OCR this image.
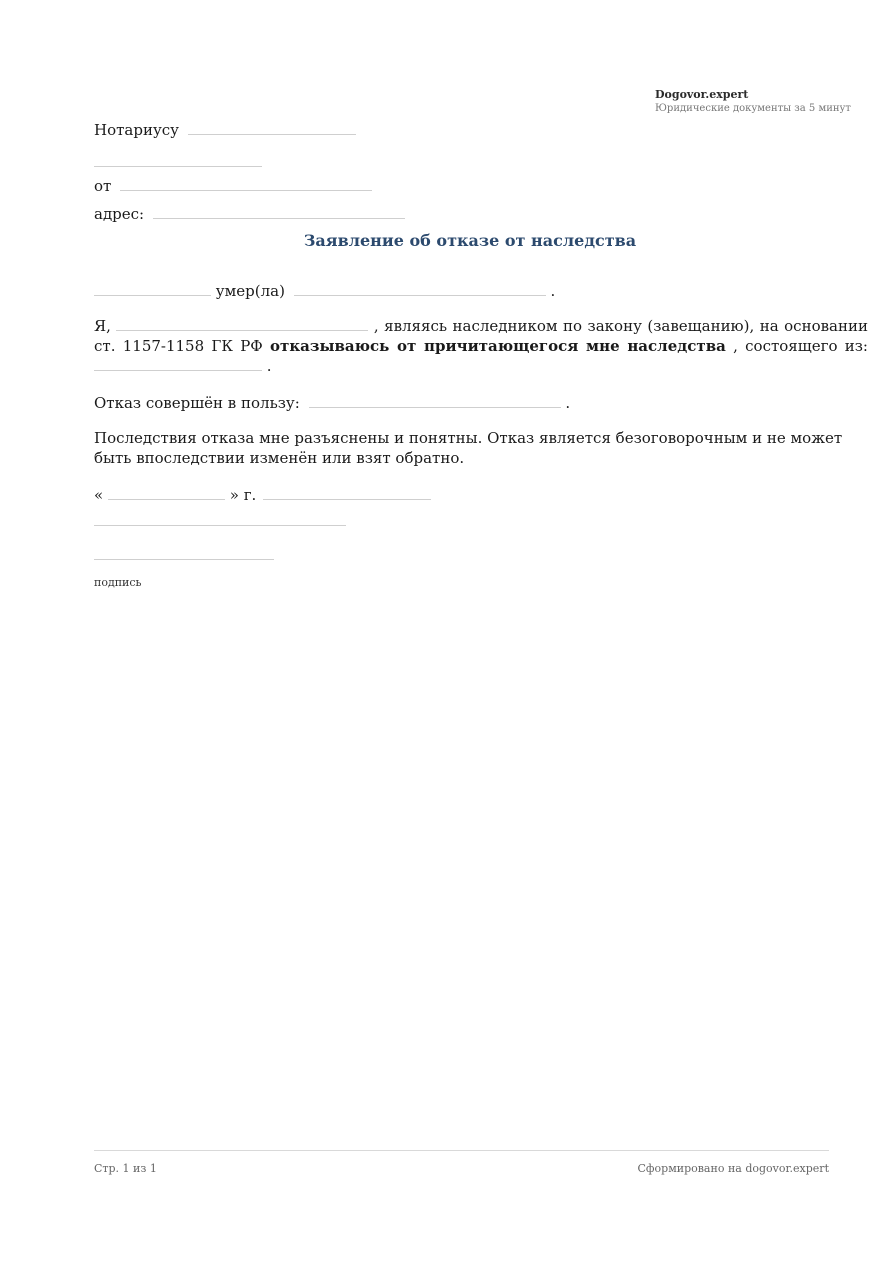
Dogovor.expert
Юридические документы за 5 минут
Нотариусу
от
адрес:
Заявление об отказе от наследства
умер(ла)	.
Я,	, являясь наследником по закону (завещанию), на основании ст. 1157-1158 ГК РФ отказываюсь от причитающегося мне наследства , состоящего из:
.
Отказ совершён в пользу:	.
Последствия отказа мне разъяснены и понятны. Отказ является безоговорочным и не может быть впоследствии изменён или взят обратно.
«	» г.
подпись
Стр. 1 из 1	Сформировано на dogovor.expert
